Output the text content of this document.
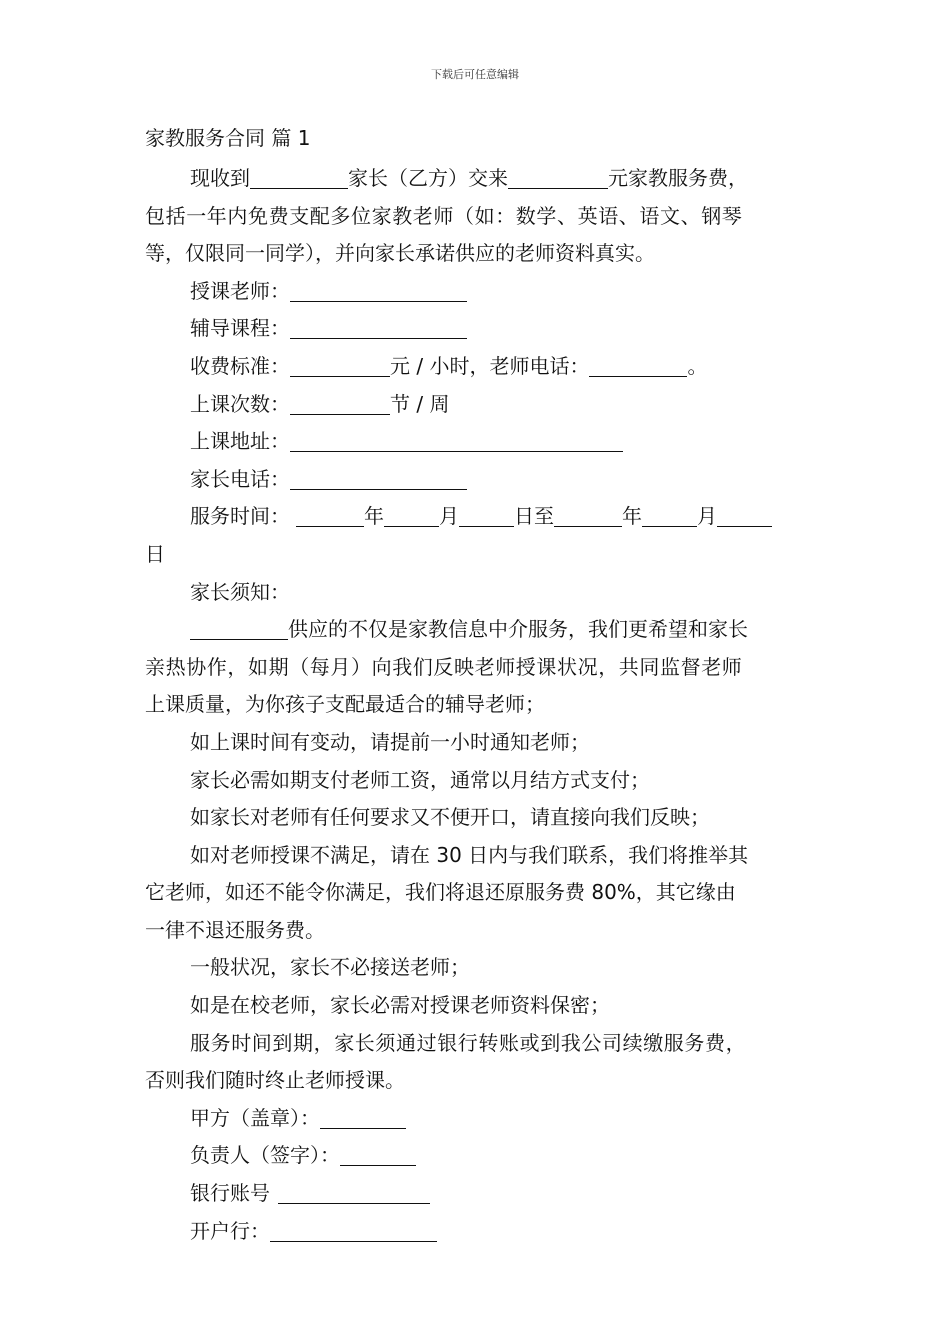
下载后可任意编辑
家教服务合同 篇 1
现收到	家长（乙方）交来	元家教服务费，
包括一年内免费支配多位家教老师（如：数学、英语、语文、钢琴
等，仅限同一同学），并向家长承诺供应的老师资料真实。
授课老师：
辅导课程：
收费标准：	元 / 小时，老师电话：	。
上课次数：	节 / 周
上课地址：
家长电话：
服务时间：	年	月	日至	年	月
日
家长须知：
供应的不仅是家教信息中介服务，我们更希望和家长
亲热协作，如期（每月）向我们反映老师授课状况，共同监督老师
上课质量，为你孩子支配最适合的辅导老师；
如上课时间有变动，请提前一小时通知老师；
家长必需如期支付老师工资，通常以月结方式支付；
如家长对老师有任何要求又不便开口，请直接向我们反映；
如对老师授课不满足，请在 30 日内与我们联系，我们将推举其
它老师，如还不能令你满足，我们将退还原服务费 80%，其它缘由
一律不退还服务费。
一般状况，家长不必接送老师；
如是在校老师，家长必需对授课老师资料保密；
服务时间到期，家长须通过银行转账或到我公司续缴服务费，
否则我们随时终止老师授课。
甲方（盖章）：
负责人（签字）：
银行账号
开户行：
